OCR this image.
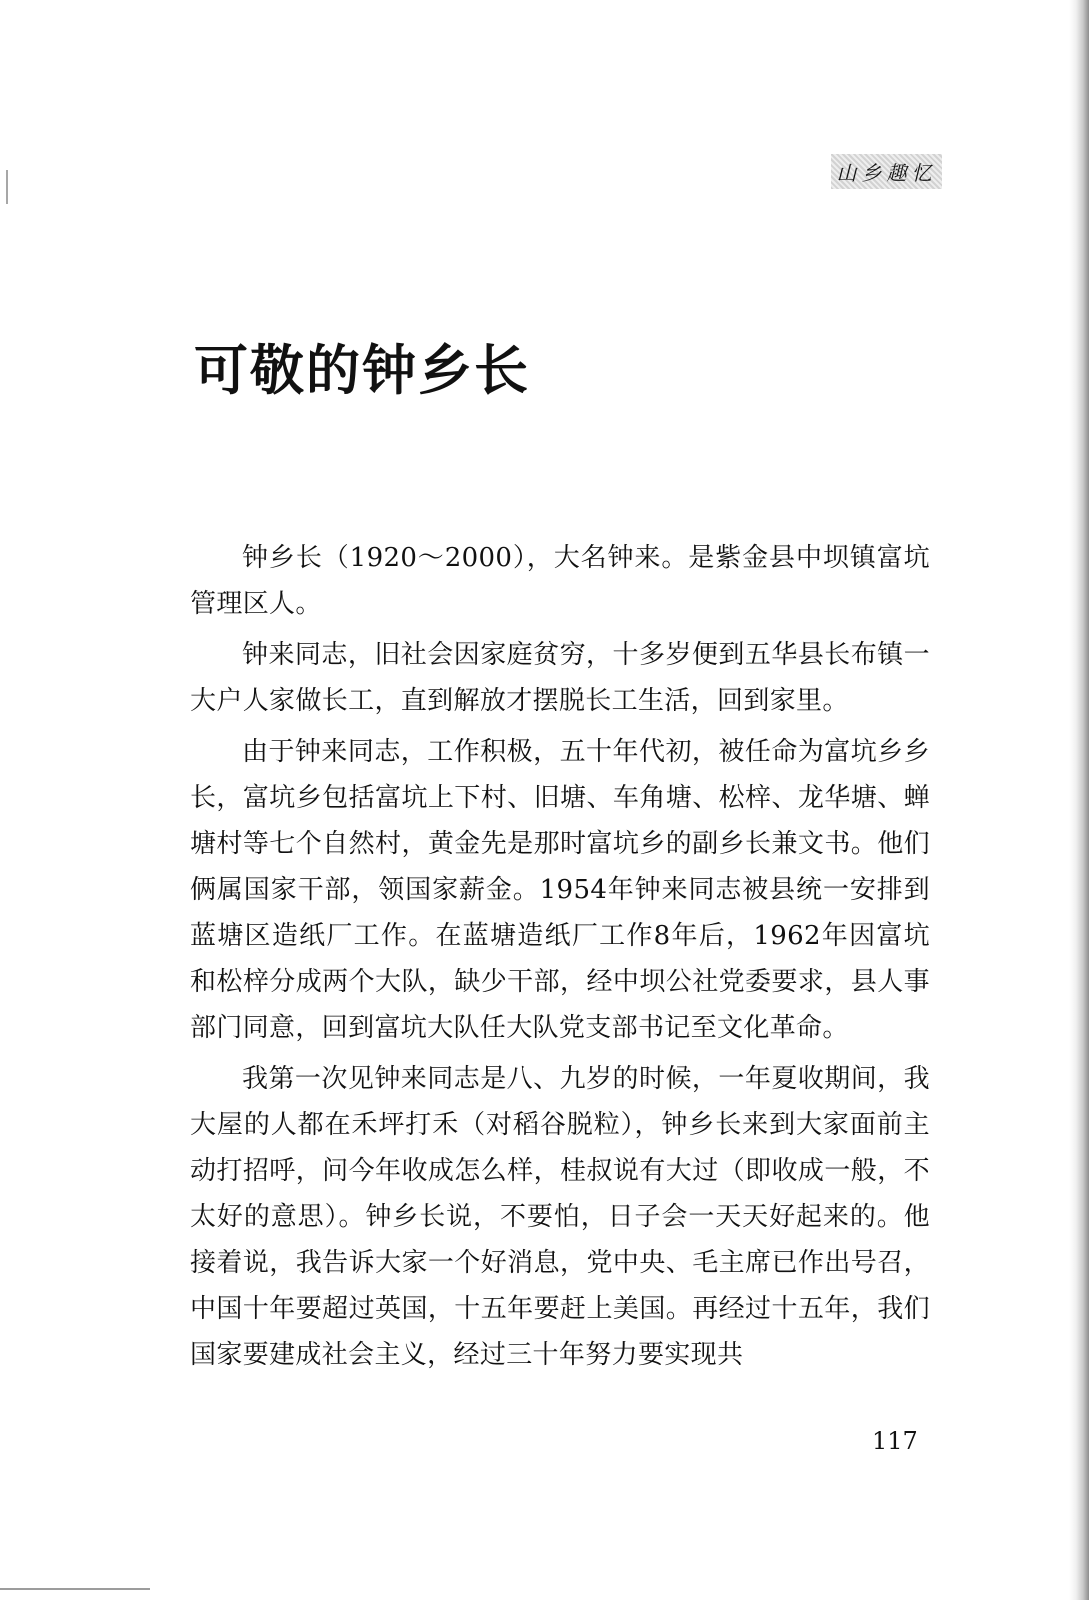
山乡趣忆
可敬的钟乡长

钟乡长（1920～2000），大名钟来。是紫金县中坝镇富坑管理区人。

钟来同志，旧社会因家庭贫穷，十多岁便到五华县长布镇一大户人家做长工，直到解放才摆脱长工生活，回到家里。

由于钟来同志，工作积极，五十年代初，被任命为富坑乡乡长，富坑乡包括富坑上下村、旧塘、车角塘、松梓、龙华塘、蝉塘村等七个自然村，黄金先是那时富坑乡的副乡长兼文书。他们俩属国家干部，领国家薪金。1954年钟来同志被县统一安排到蓝塘区造纸厂工作。在蓝塘造纸厂工作8年后，1962年因富坑和松梓分成两个大队，缺少干部，经中坝公社党委要求，县人事部门同意，回到富坑大队任大队党支部书记至文化革命。

我第一次见钟来同志是八、九岁的时候，一年夏收期间，我大屋的人都在禾坪打禾（对稻谷脱粒），钟乡长来到大家面前主动打招呼，问今年收成怎么样，桂叔说有大过（即收成一般，不太好的意思）。钟乡长说，不要怕，日子会一天天好起来的。他接着说，我告诉大家一个好消息，党中央、毛主席已作出号召，中国十年要超过英国，十五年要赶上美国。再经过十五年，我们国家要建成社会主义，经过三十年努力要实现共

117
